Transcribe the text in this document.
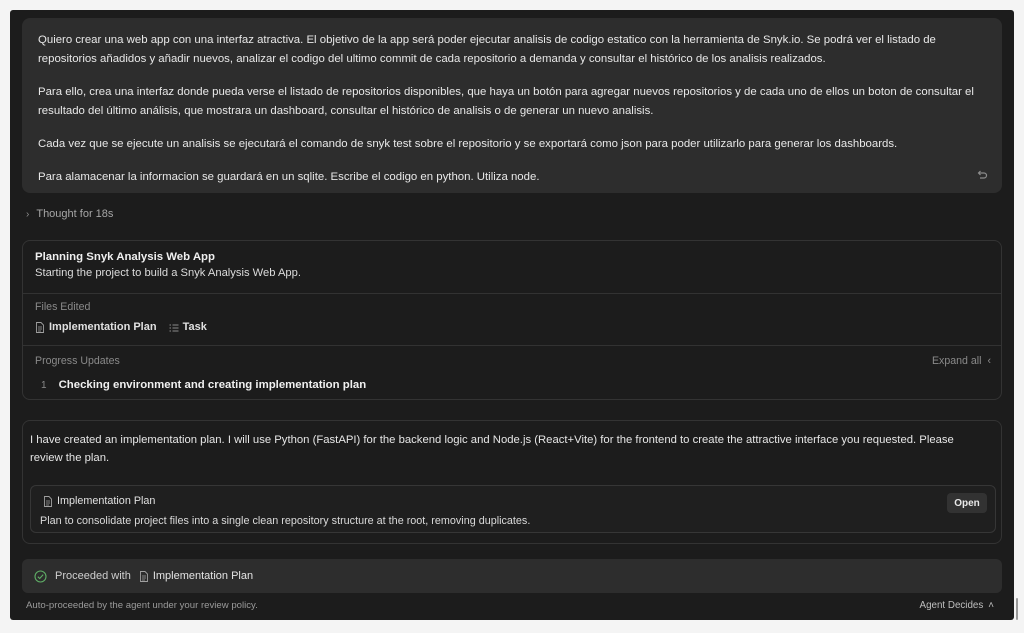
Quiero crear una web app con una interfaz atractiva. El objetivo de la app será poder ejecutar analisis de codigo estatico con la herramienta de Snyk.io. Se podrá ver el listado de repositorios añadidos y añadir nuevos, analizar el codigo del ultimo commit de cada repositorio a demanda y consultar el histórico de los analisis realizados.

Para ello, crea una interfaz donde pueda verse el listado de repositorios disponibles, que haya un botón para agregar nuevos repositorios y de cada uno de ellos un boton de consultar el resultado del último análisis, que mostrara un dashboard, consultar el histórico de analisis o de generar un nuevo analisis.

Cada vez que se ejecute un analisis se ejecutará el comando de snyk test sobre el repositorio y se exportará como json para poder utilizarlo para generar los dashboards.

Para alamacenar la informacion se guardará en un sqlite. Escribe el codigo en python. Utiliza node.

› Thought for 18s
Planning Snyk Analysis Web App
Starting the project to build a Snyk Analysis Web App.
Files Edited
Implementation Plan Task
Progress Updates	Expand all ‹
1 Checking environment and creating implementation plan
I have created an implementation plan. I will use Python (FastAPI) for the backend logic and Node.js (React+Vite) for the frontend to create the attractive interface you requested. Please review the plan.
Implementation Plan
Plan to consolidate project files into a single clean repository structure at the root, removing duplicates.
Open
Proceeded with Implementation Plan
Auto-proceeded by the agent under your review policy.	Agent Decides ˄
